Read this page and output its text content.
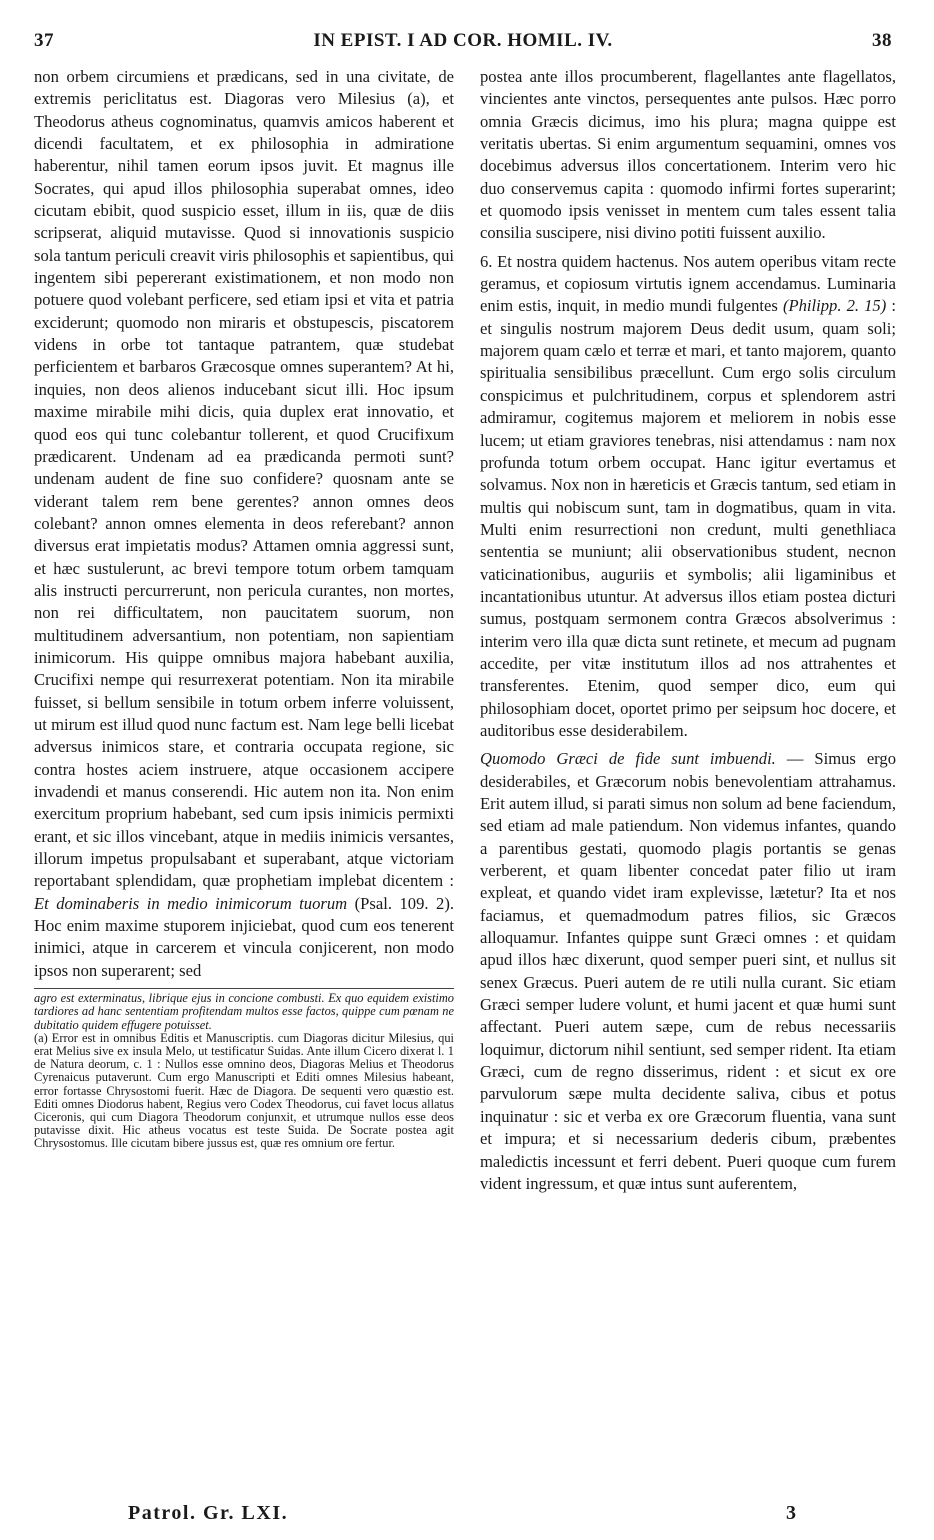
37	IN EPIST. I AD COR. HOMIL. IV.	38

non orbem circumiens et prædicans, sed in una civitate, de extremis periclitatus est. Diagoras vero Milesius (a), et Theodorus atheus cognominatus, quamvis amicos haberent et dicendi facultatem, et ex philosophia in admiratione haberentur, nihil tamen eorum ipsos juvit. Et magnus ille Socrates, qui apud illos philosophia superabat omnes, ideo cicutam ebibit, quod suspicio esset, illum in iis, quæ de diis scripserat, aliquid mutavisse. Quod si innovationis suspicio sola tantum periculi creavit viris philosophis et sapientibus, qui ingentem sibi pepererant existimationem, et non modo non potuere quod volebant perficere, sed etiam ipsi et vita et patria exciderunt; quomodo non miraris et obstupescis, piscatorem videns in orbe tot tantaque patrantem, quæ studebat perficientem et barbaros Græcosque omnes superantem? At hi, inquies, non deos alienos inducebant sicut illi. Hoc ipsum maxime mirabile mihi dicis, quia duplex erat innovatio, et quod eos qui tunc colebantur tollerent, et quod Crucifixum prædicarent. Undenam ad ea prædicanda permoti sunt? undenam audent de fine suo confidere? quosnam ante se viderant talem rem bene gerentes? annon omnes deos colebant? annon omnes elementa in deos referebant? annon diversus erat impietatis modus? Attamen omnia aggressi sunt, et hæc sustulerunt, ac brevi tempore totum orbem tamquam alis instructi percurrerunt, non pericula curantes, non mortes, non rei difficultatem, non paucitatem suorum, non multitudinem adversantium, non potentiam, non sapientiam inimicorum. His quippe omnibus majora habebant auxilia, Crucifixi nempe qui resurrexerat potentiam. Non ita mirabile fuisset, si bellum sensibile in totum orbem inferre voluissent, ut mirum est illud quod nunc factum est. Nam lege belli licebat adversus inimicos stare, et contraria occupata regione, sic contra hostes aciem instruere, atque occasionem accipere invadendi et manus conserendi. Hic autem non ita. Non enim exercitum proprium habebant, sed cum ipsis inimicis permixti erant, et sic illos vincebant, atque in mediis inimicis versantes, illorum impetus propulsabant et superabant, atque victoriam reportabant splendidam, quæ prophetiam implebat dicentem : Et dominaberis in medio inimicorum tuorum (Psal. 109. 2). Hoc enim maxime stuporem injiciebat, quod cum eos tenerent inimici, atque in carcerem et vincula conjicerent, non modo ipsos non superarent; sed

agro est exterminatus, librique ejus in concione combusti. Ex quo equidem existimo tardiores ad hanc sententiam profitendam multos esse factos, quippe cum pœnam ne dubitatio quidem effugere potuisset.

(a) Error est in omnibus Editis et Manuscriptis. cum Diagoras dicitur Milesius, qui erat Melius sive ex insula Melo, ut testificatur Suidas. Ante illum Cicero dixerat l. 1 de Natura deorum, c. 1 : Nullos esse omnino deos, Diagoras Melius et Theodorus Cyrenaicus putaverunt. Cum ergo Manuscripti et Editi omnes Milesius habeant, error fortasse Chrysostomi fuerit. Hæc de Diagora. De sequenti vero quæstio est. Editi omnes Diodorus habent, Regius vero Codex Theodorus, cui favet locus allatus Ciceronis, qui cum Diagora Theodorum conjunxit, et utrumque nullos esse deos putavisse dixit. Hic atheus vocatus est teste Suida. De Socrate postea agit Chrysostomus. Ille cicutam bibere jussus est, quæ res omnium ore fertur.

postea ante illos procumberent, flagellantes ante flagellatos, vincientes ante vinctos, persequentes ante pulsos. Hæc porro omnia Græcis dicimus, imo his plura; magna quippe est veritatis ubertas. Si enim argumentum sequamini, omnes vos docebimus adversus illos concertationem. Interim vero hic duo conservemus capita : quomodo infirmi fortes superarint; et quomodo ipsis venisset in mentem cum tales essent talia consilia suscipere, nisi divino potiti fuissent auxilio.

6. Et nostra quidem hactenus. Nos autem operibus vitam recte geramus, et copiosum virtutis ignem accendamus. Luminaria enim estis, inquit, in medio mundi fulgentes (Philipp. 2. 15) : et singulis nostrum majorem Deus dedit usum, quam soli; majorem quam cælo et terræ et mari, et tanto majorem, quanto spiritualia sensibilibus præcellunt. Cum ergo solis circulum conspicimus et pulchritudinem, corpus et splendorem astri admiramur, cogitemus majorem et meliorem in nobis esse lucem; ut etiam graviores tenebras, nisi attendamus : nam nox profunda totum orbem occupat. Hanc igitur evertamus et solvamus. Nox non in hæreticis et Græcis tantum, sed etiam in multis qui nobiscum sunt, tam in dogmatibus, quam in vita. Multi enim resurrectioni non credunt, multi genethliaca sententia se muniunt; alii observationibus student, necnon vaticinationibus, auguriis et symbolis; alii ligaminibus et incantationibus utuntur. At adversus illos etiam postea dicturi sumus, postquam sermonem contra Græcos absolverimus : interim vero illa quæ dicta sunt retinete, et mecum ad pugnam accedite, per vitæ institutum illos ad nos attrahentes et transferentes. Etenim, quod semper dico, eum qui philosophiam docet, oportet primo per seipsum hoc docere, et auditoribus esse desiderabilem.

Quomodo Græci de fide sunt imbuendi. — Simus ergo desiderabiles, et Græcorum nobis benevolentiam attrahamus. Erit autem illud, si parati simus non solum ad bene faciendum, sed etiam ad male patiendum. Non videmus infantes, quando a parentibus gestati, quomodo plagis portantis se genas verberent, et quam libenter concedat pater filio ut iram expleat, et quando videt iram explevisse, lætetur? Ita et nos faciamus, et quemadmodum patres filios, sic Græcos alloquamur. Infantes quippe sunt Græci omnes : et quidam apud illos hæc dixerunt, quod semper pueri sint, et nullus sit senex Græcus. Pueri autem de re utili nulla curant. Sic etiam Græci semper ludere volunt, et humi jacent et quæ humi sunt affectant. Pueri autem sæpe, cum de rebus necessariis loquimur, dictorum nihil sentiunt, sed semper rident. Ita etiam Græci, cum de regno disserimus, rident : et sicut ex ore parvulorum sæpe multa decidente saliva, cibus et potus inquinatur : sic et verba ex ore Græcorum fluentia, vana sunt et impura; et si necessarium dederis cibum, præbentes maledictis incessunt et ferri debent. Pueri quoque cum furem vident ingressum, et quæ intus sunt auferentem,

Patrol. Gr. LXI.	3
